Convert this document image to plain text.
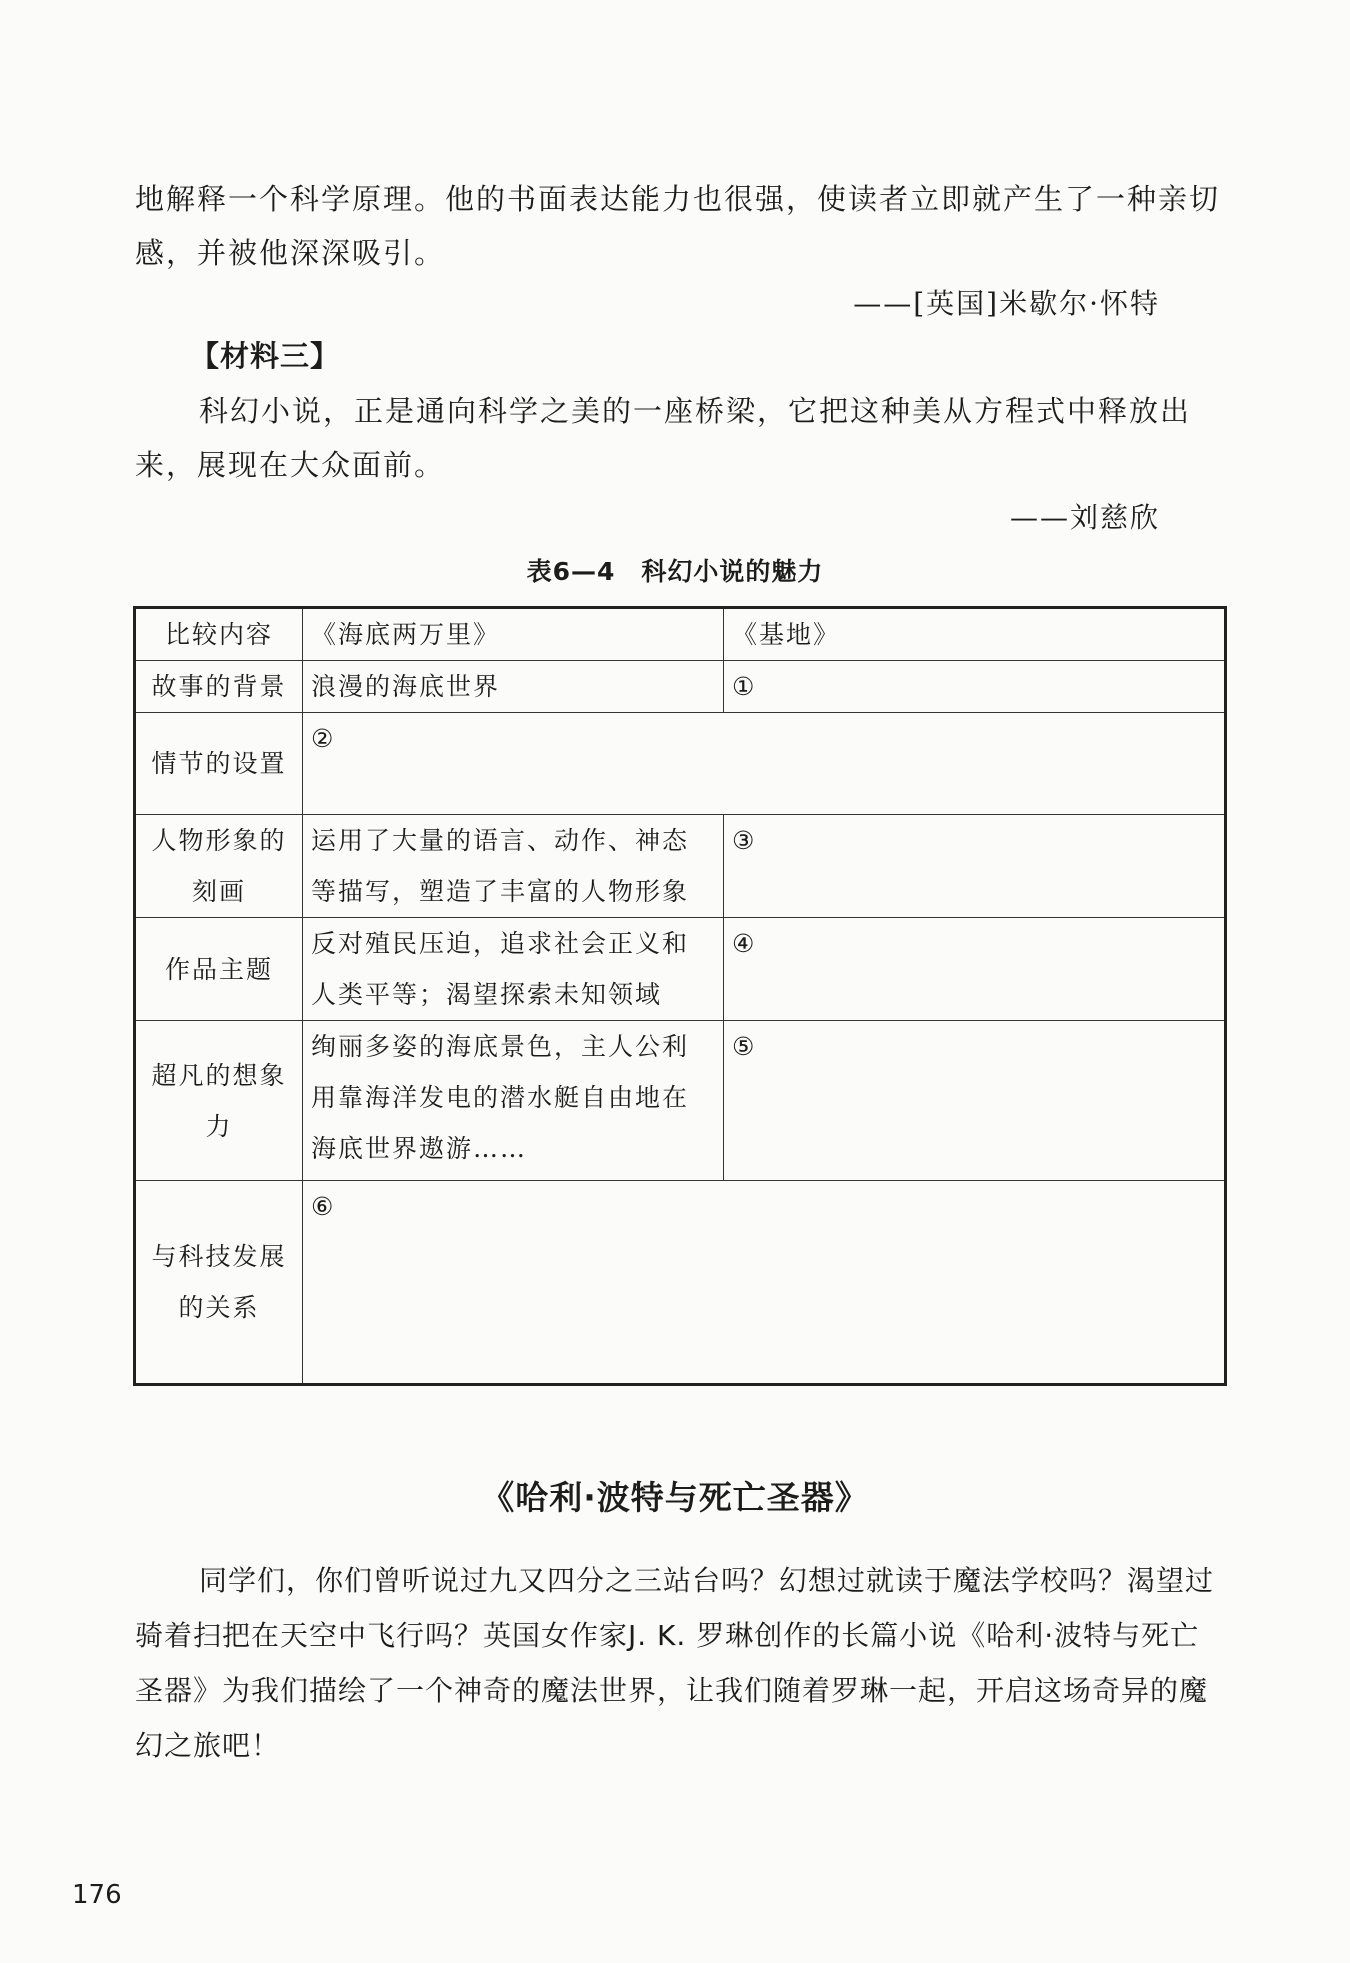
地解释一个科学原理。他的书面表达能力也很强，使读者立即就产生了一种亲切感，并被他深深吸引。

——[英国]米歇尔·怀特
【材料三】

科幻小说，正是通向科学之美的一座桥梁，它把这种美从方程式中释放出来，展现在大众面前。

——刘慈欣
表6—4　科幻小说的魅力
比较内容	《海底两万里》	《基地》
故事的背景	浪漫的海底世界	①
情节的设置	②	
人物形象的刻画	运用了大量的语言、动作、神态等描写，塑造了丰富的人物形象	③
作品主题	反对殖民压迫，追求社会正义和人类平等；渴望探索未知领域	④
超凡的想象力	绚丽多姿的海底景色，主人公利用靠海洋发电的潜水艇自由地在海底世界遨游……	⑤
与科技发展的关系	⑥	
《哈利·波特与死亡圣器》

同学们，你们曾听说过九又四分之三站台吗？幻想过就读于魔法学校吗？渴望过骑着扫把在天空中飞行吗？英国女作家J. K. 罗琳创作的长篇小说《哈利·波特与死亡圣器》为我们描绘了一个神奇的魔法世界，让我们随着罗琳一起，开启这场奇异的魔幻之旅吧！

176
